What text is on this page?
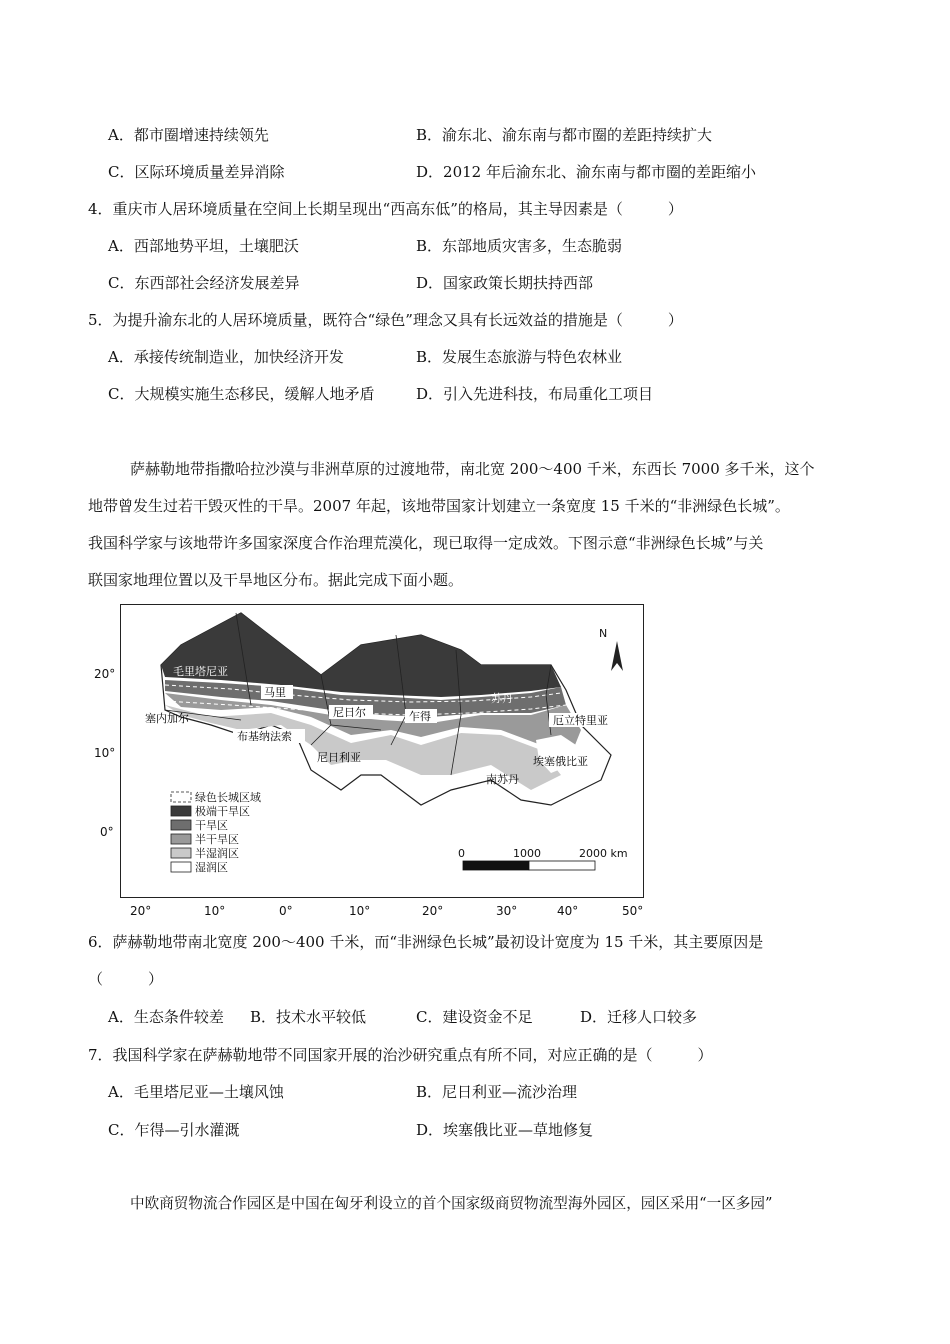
A．都市圈增速持续领先	B．渝东北、渝东南与都市圈的差距持续扩大
C．区际环境质量差异消除	D．2012 年后渝东北、渝东南与都市圈的差距缩小
4．重庆市人居环境质量在空间上长期呈现出“西高东低”的格局，其主导因素是（　　　）
A．西部地势平坦，土壤肥沃	B．东部地质灾害多，生态脆弱
C．东西部社会经济发展差异	D．国家政策长期扶持西部
5．为提升渝东北的人居环境质量，既符合“绿色”理念又具有长远效益的措施是（　　　）
A．承接传统制造业，加快经济开发	B．发展生态旅游与特色农林业
C．大规模实施生态移民，缓解人地矛盾	D．引入先进科技，布局重化工项目
萨赫勒地带指撒哈拉沙漠与非洲草原的过渡地带，南北宽 200～400 千米，东西长 7000 多千米，这个
地带曾发生过若干毁灭性的干旱。2007 年起，该地带国家计划建立一条宽度 15 千米的“非洲绿色长城”。
我国科学家与该地带许多国家深度合作治理荒漠化，现已取得一定成效。下图示意“非洲绿色长城”与关
联国家地理位置以及干旱地区分布。据此完成下面小题。
20°
10°
0°
N
毛里塔尼亚
马里
塞内加尔
布基纳法索
尼日尔
尼日利亚
乍得
苏丹
厄立特里亚
南苏丹
埃塞俄比亚
绿色长城区域
极端干旱区
干旱区
半干旱区
半湿润区
湿润区
0	1000	2000 km
20°	10°	0°	10°	20°	30°	40°	50°
6．萨赫勒地带南北宽度 200～400 千米，而“非洲绿色长城”最初设计宽度为 15 千米，其主要原因是
（　　　）
A．生态条件较差 B．技术水平较低	C．建设资金不足	D．迁移人口较多
7．我国科学家在萨赫勒地带不同国家开展的治沙研究重点有所不同，对应正确的是（　　　）
A．毛里塔尼亚—土壤风蚀	B．尼日利亚—流沙治理
C．乍得—引水灌溉	D．埃塞俄比亚—草地修复
中欧商贸物流合作园区是中国在匈牙利设立的首个国家级商贸物流型海外园区，园区采用“一区多园”
